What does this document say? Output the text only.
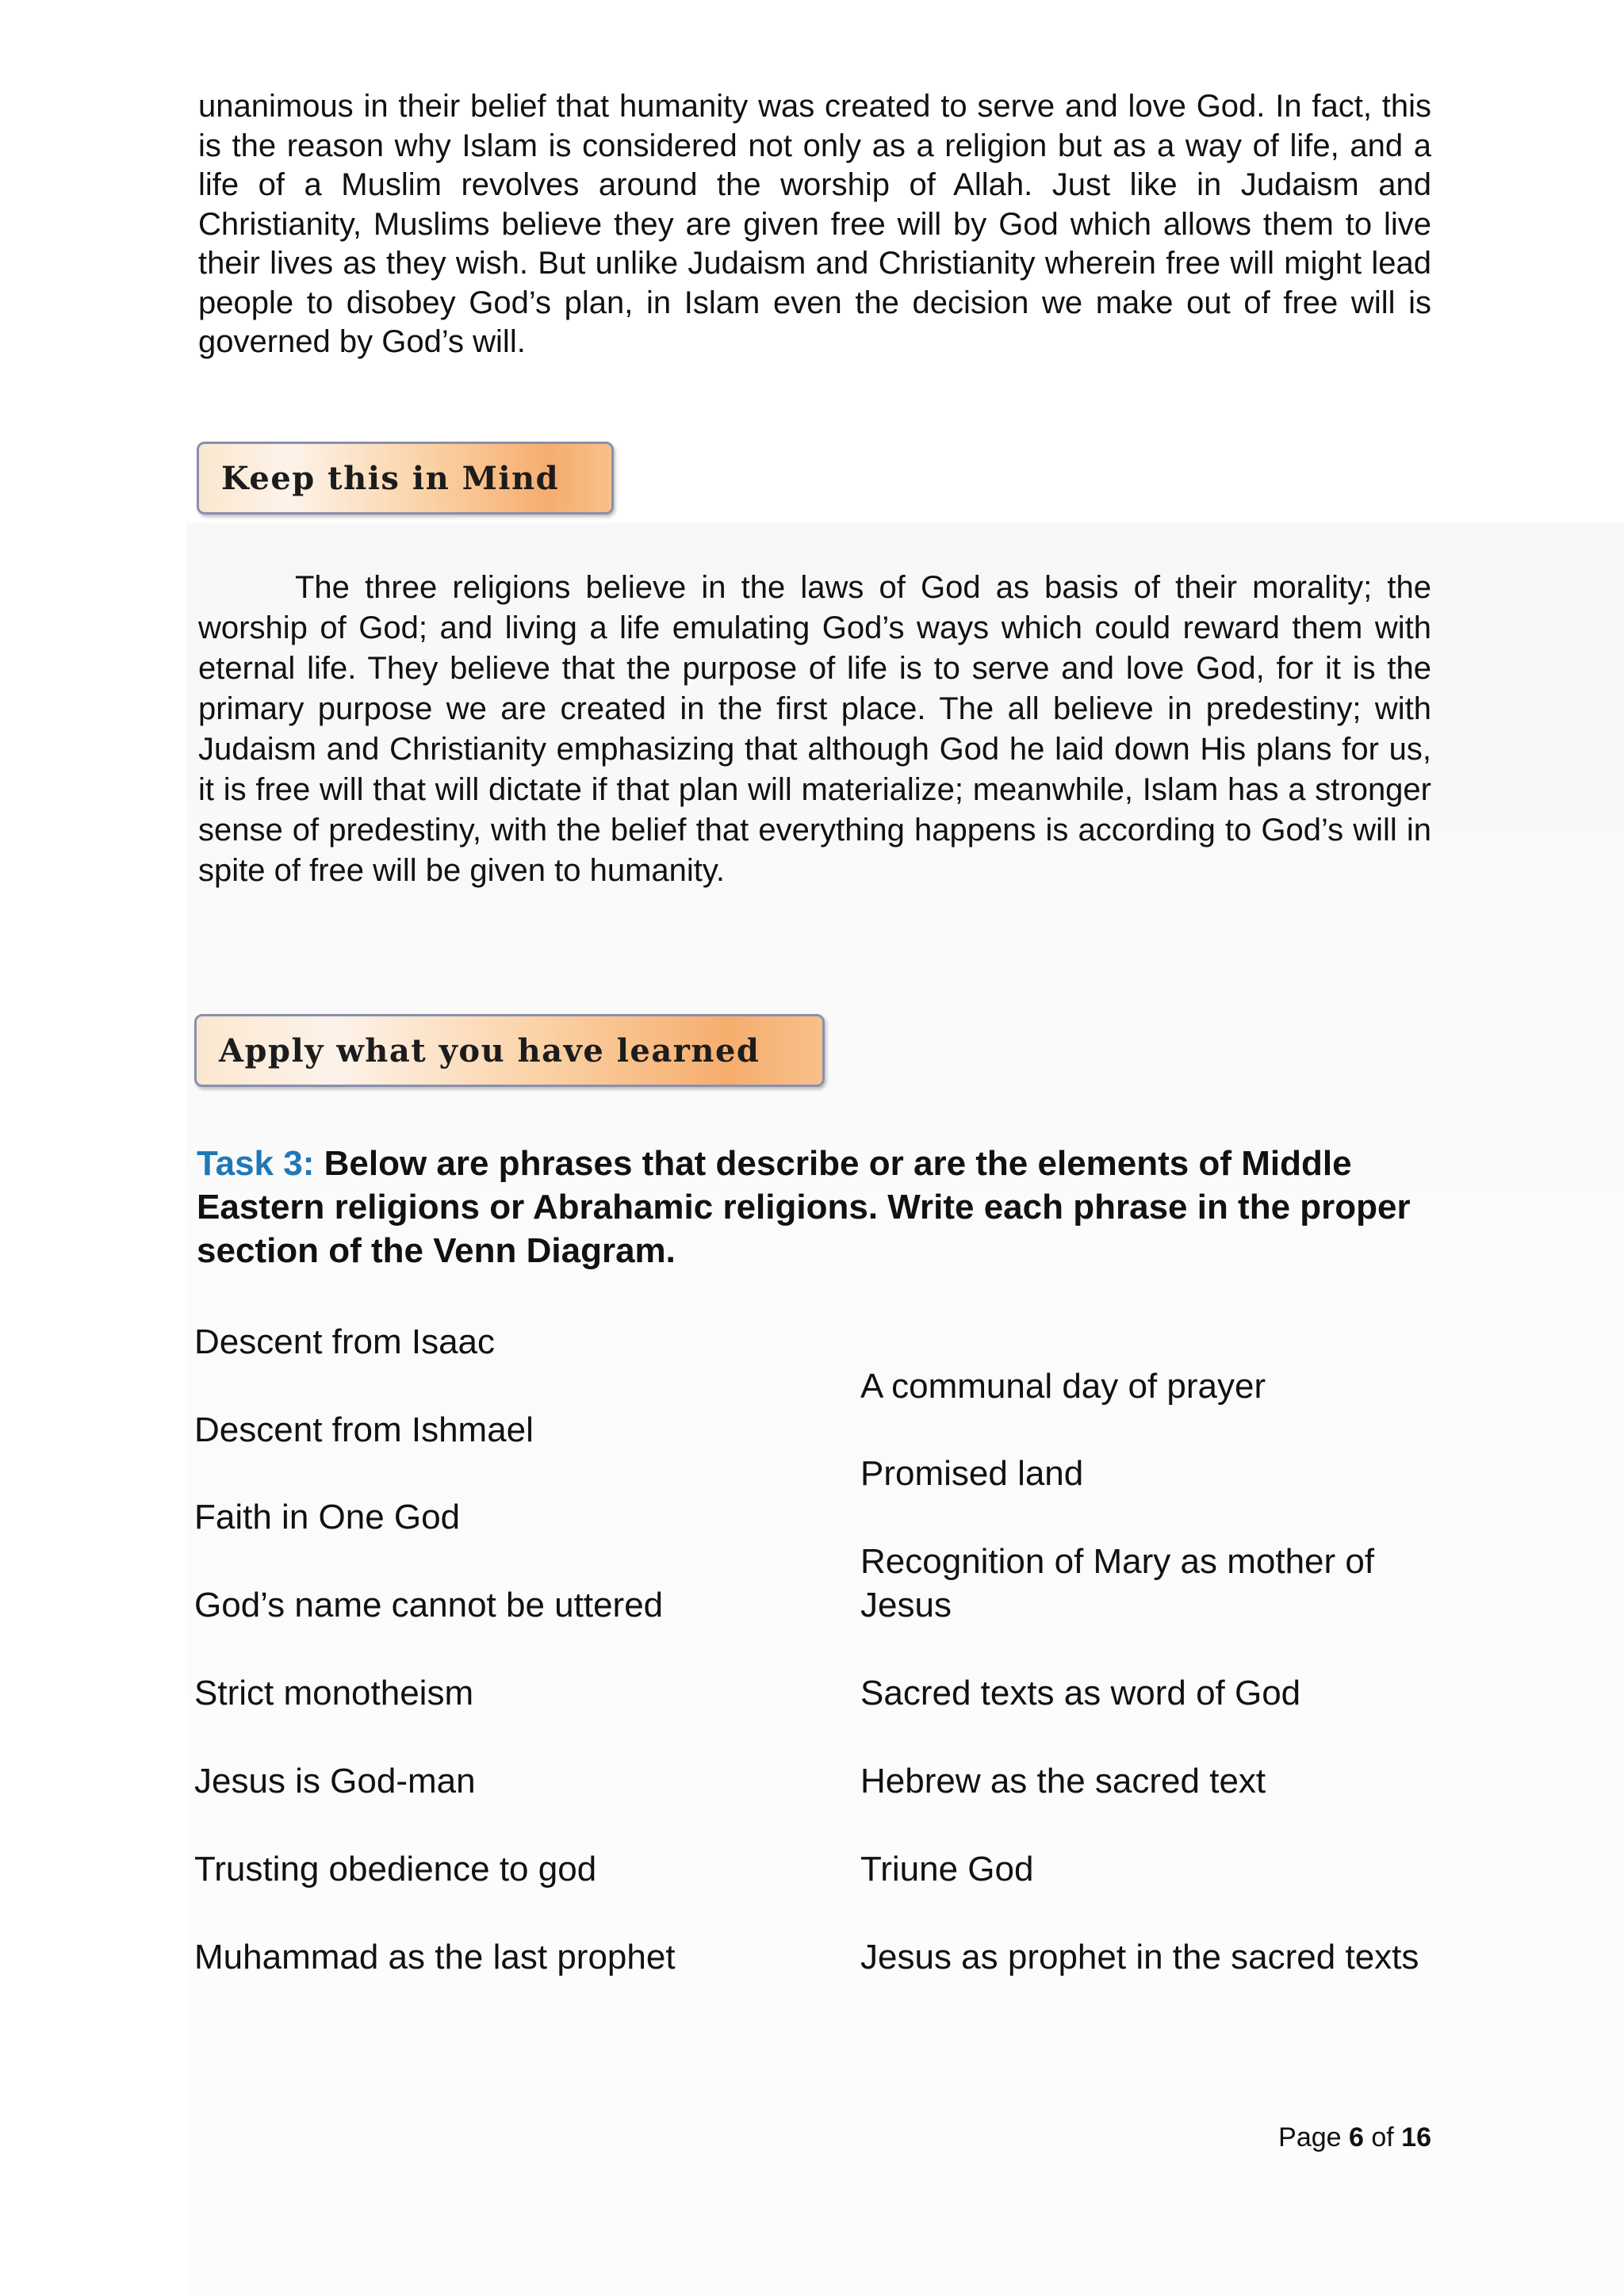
unanimous in their belief that humanity was created to serve and love God. In fact, this is the reason why Islam is considered not only as a religion but as a way of life, and a life of a Muslim revolves around the worship of Allah. Just like in Judaism and Christianity, Muslims believe they are given free will by God which allows them to live their lives as they wish. But unlike Judaism and Christianity wherein free will might lead people to disobey God’s plan, in Islam even the decision we make out of free will is governed by God’s will.

Keep this in Mind

The three religions believe in the laws of God as basis of their morality; the worship of God; and living a life emulating God’s ways which could reward them with eternal life. They believe that the purpose of life is to serve and love God, for it is the primary purpose we are created in the first place. The all believe in predestiny; with Judaism and Christianity emphasizing that although God he laid down His plans for us, it is free will that will dictate if that plan will materialize; meanwhile, Islam has a stronger sense of predestiny, with the belief that everything happens is according to God’s will in spite of free will be given to humanity.

Apply what you have learned
Task 3: Below are phrases that describe or are the elements of Middle Eastern religions or Abrahamic religions. Write each phrase in the proper section of the Venn Diagram.
Descent from Isaac
Descent from Ishmael
Faith in One God
God’s name cannot be uttered
Strict monotheism
Jesus is God-man
Trusting obedience to god
Muhammad as the last prophet
A communal day of prayer
Promised land
Recognition of Mary as mother of
Jesus
Sacred texts as word of God
Hebrew as the sacred text
Triune God
Jesus as prophet in the sacred texts
Page 6 of 16
